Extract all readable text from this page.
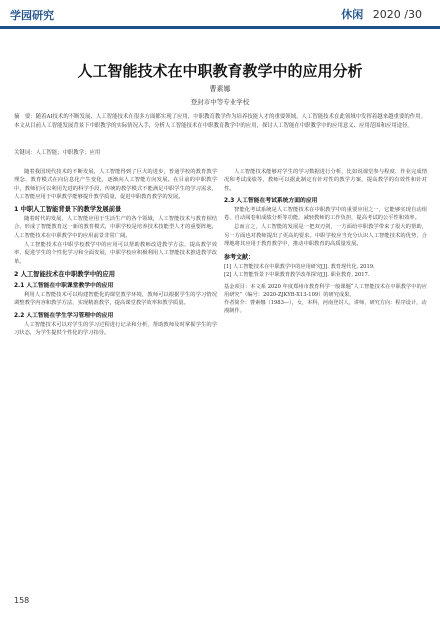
学园研究	休闲 2020 /30
人工智能技术在中职教育教学中的应用分析
曹素娜
登封市中等专业学校
摘　要：随着AI技术的不断发展，人工智能技术在很多方面都实现了应用，中职教育教学作为培养技能人才的重要领域，人工智能技术在此领域中发挥着越来越重要的作用。本文从目前人工智能发展背景下中职教学的实际情况入手，分析人工智能技术在中职教育教学中的应用，探讨人工智能在中职教学中的应用意义、应用范围和应用途径。
关键词：人工智能；中职教学；应用
随着我国现代技术的不断发展，人工智能得到了巨大的进步，普通学校的教育教学理念、教育模式在向信息化产生变化，逐渐向人工智能方向发展。在目前的中职教学中，教师们可以利用先进的科学手段，传统的教学模式不能满足中职学生的学习需求，人工智能应用于中职教学能够提升教学质量，促进中职教育教学的发展。
1 中职人工智能背景下的教学发展前景
随着时代的发展，人工智能应用于生活生产的各个领域，人工智能技术与教育相结合，形成了智能教育这一新的教育模式，中职学校是培养技术技能型人才的重要阵地，人工智能技术在中职教学中的应用前景非常广阔。
人工智能技术在中职学校教学中的应用可以帮助教师改进教学方法，提高教学效率，促进学生的个性化学习和全面发展，中职学校应积极利用人工智能技术推进教学改革。
2 人工智能技术在中职教学中的应用
2.1 人工智能在中职课堂教学中的应用
利用人工智能技术可以构建智能化的课堂教学环境，教师可以根据学生的学习情况调整教学内容和教学方法，实现精准教学，提高课堂教学效率和教学质量。
2.2 人工智能在学生学习管理中的应用
人工智能技术可以对学生的学习过程进行记录和分析，帮助教师及时掌握学生的学习状态，为学生提供个性化的学习指导。
人工智能技术能够对学生的学习数据进行分析，比如说课堂参与程度、作业完成情况和考试成绩等，教师可以据此制定有针对性的教学方案，提高教学的有效性和针对性。
2.3 人工智能在考试系统方面的应用
智能化考试系统是人工智能技术在中职教学中的重要应用之一，它能够实现自动组卷、自动阅卷和成绩分析等功能，减轻教师的工作负担，提高考试的公平性和效率。
总而言之，人工智能的发展是一把双刃剑，一方面给中职教学带来了很大的帮助，另一方面也对教师提出了更高的要求。中职学校应当充分认识人工智能技术的优势，合理地将其应用于教育教学中，推动中职教育的高质量发展。
参考文献：
[1] 人工智能技术在中职教学中的应用研究[J]. 教育现代化, 2019.
[2] 人工智能背景下中职教育教学改革探究[J]. 职业教育, 2017.
基金项目：本文系 2020 年度郑州市教育科学一般课题“人工智能技术在中职教学中的应用研究”（编号：2020-ZJKYB-X13-109）的研究成果。
作者简介：曹素娜（1983—），女，本科，河南登封人，讲师，研究方向：程序设计，动漫制作。
158
